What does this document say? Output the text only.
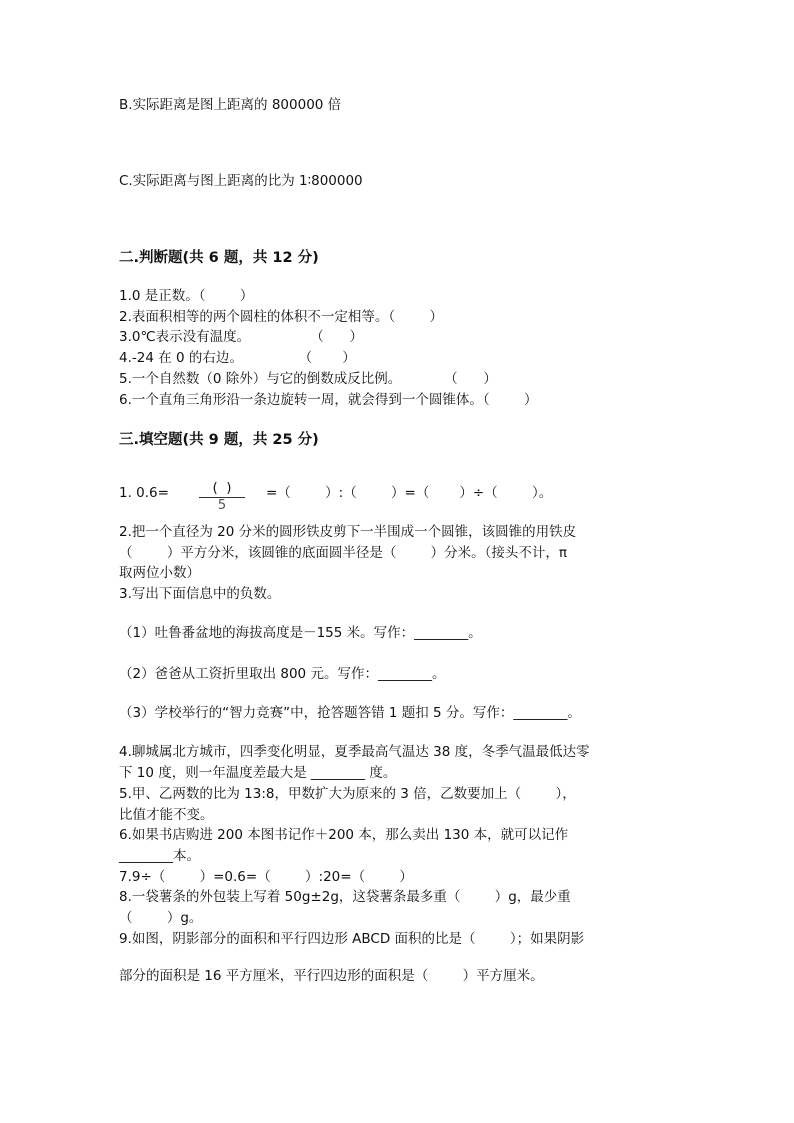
B.实际距离是图上距离的 800000 倍
C.实际距离与图上距离的比为 1∶800000
二.判断题(共 6 题，共 12 分)
1.0 是正数。（        ）
2.表面积相等的两个圆柱的体积不一定相等。（        ）
3.0℃表示没有温度。              （      ）
4.-24 在 0 的右边。             （       ）
5.一个自然数（0 除外）与它的倒数成反比例。          （      ）
6.一个直角三角形沿一条边旋转一周，就会得到一个圆锥体。（        ）
三.填空题(共 9 题，共 25 分)
1. 0.6=	(  )
5
=（        ）:（        ）=（       ）÷（        ）。
2.把一个直径为 20 分米的圆形铁皮剪下一半围成一个圆锥，该圆锥的用铁皮
（        ）平方分米，该圆锥的底面圆半径是（        ）分米。（接头不计，π
取两位小数）
3.写出下面信息中的负数。
（1）吐鲁番盆地的海拔高度是－155 米。写作：________。
（2）爸爸从工资折里取出 800 元。写作：________。
（3）学校举行的“智力竞赛”中，抢答题答错 1 题扣 5 分。写作：________。
4.聊城属北方城市，四季变化明显，夏季最高气温达 38 度，冬季气温最低达零
下 10 度，则一年温度差最大是 ________ 度。
5.甲、乙两数的比为 13:8，甲数扩大为原来的 3 倍，乙数要加上（        ），
比值才能不变。
6.如果书店购进 200 本图书记作＋200 本，那么卖出 130 本，就可以记作
________本。
7.9÷（        ）=0.6=（        ）:20=（        ）
8.一袋薯条的外包装上写着 50g±2g，这袋薯条最多重（        ）g，最少重
（        ）g。
9.如图，阴影部分的面积和平行四边形 ABCD 面积的比是（        ）；如果阴影
部分的面积是 16 平方厘米，平行四边形的面积是（        ）平方厘米。
